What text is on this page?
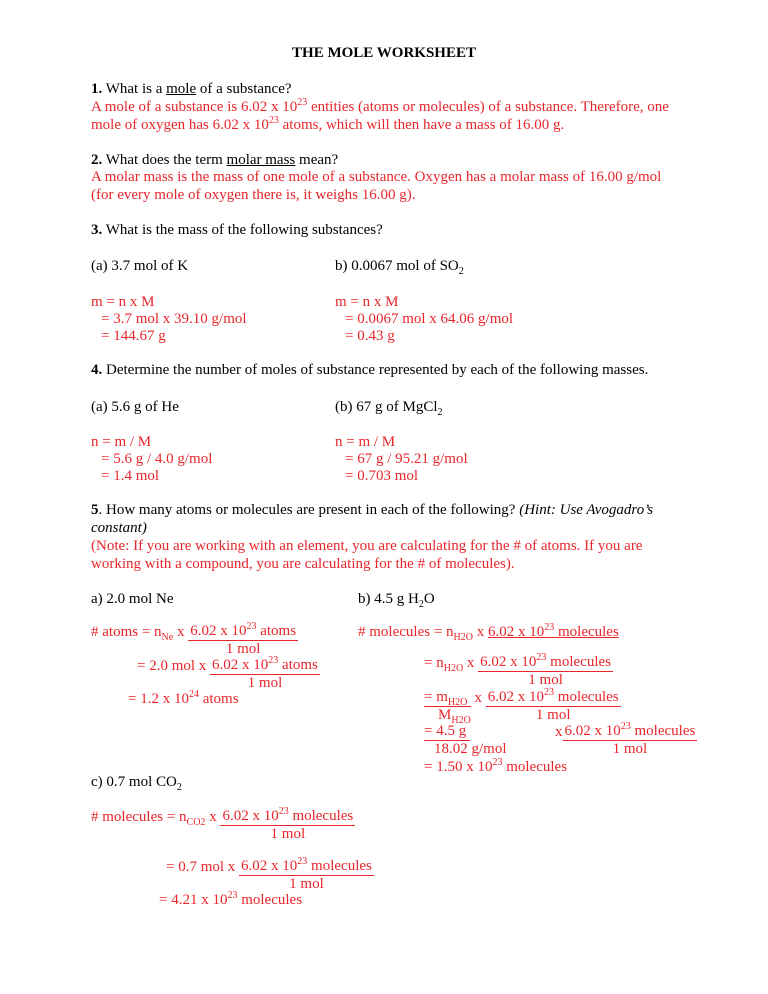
THE MOLE WORKSHEET
1. What is a mole of a substance?
A mole of a substance is 6.02 x $10^{23}$ entities (atoms or molecules) of a substance. Therefore, one
mole of oxygen has 6.02 x $10^{23}$ atoms, which will then have a mass of 16.00 g.
2. What does the term molar mass mean?
A molar mass is the mass of one mole of a substance. Oxygen has a molar mass of 16.00 g/mol
(for every mole of oxygen there is, it weighs 16.00 g).
3. What is the mass of the following substances?
(a) 3.7 mol of K	b) 0.0067 mol of $SO_2$
m = n x M
= 3.7 mol x 39.10 g/mol
= 144.67 g
m = n x M
= 0.0067 mol x 64.06 g/mol
= 0.43 g
4. Determine the number of moles of substance represented by each of the following masses.
(a) 5.6 g of He	(b) 67 g of MgCl$_2$
n = m / M
= 5.6 g / 4.0 g/mol
= 1.4 mol
n = m / M
= 67 g / 95.21 g/mol
= 0.703 mol
5. How many atoms or molecules are present in each of the following? (Hint: Use Avogadro’s
constant)
(Note: If you are working with an element, you are calculating for the # of atoms. If you are
working with a compound, you are calculating for the # of molecules).
a) 2.0 mol Ne	b) 4.5 g $H_2O$
# atoms = $n_{Ne}$ x $\frac{6.02 x 10^{23} atoms}{\text{1 mol}}$
= 2.0 mol x $\frac{6.02 x 10^{23} atoms}{\text{1 mol}}$
= 1.2 x $10^{24}$ atoms
# molecules = $n_{H2O}$ x 6.02 x $10^{23}$ molecules
= $n_{H2O}$ x $\frac{6.02 x 10^{23} molecules}{\text{1 mol}}$
$\frac{= m_{H2O}}{M_{H2O}}$ x $\frac{6.02 x 10^{23} molecules}{\text{1 mol}}$
$\frac{= 4.5 g}{\text{18.02 g/mol}}$	x $\frac{6.02 x 10^{23} molecules}{\text{1 mol}}$
= 1.50 x $10^{23}$ molecules
c) 0.7 mol $CO_2$
# molecules = $n_{CO2}$ x $\frac{6.02 x 10^{23} molecules}{\text{1 mol}}$
= 0.7 mol x $\frac{6.02 x 10^{23} molecules}{\text{1 mol}}$
= 4.21 x $10^{23}$ molecules
